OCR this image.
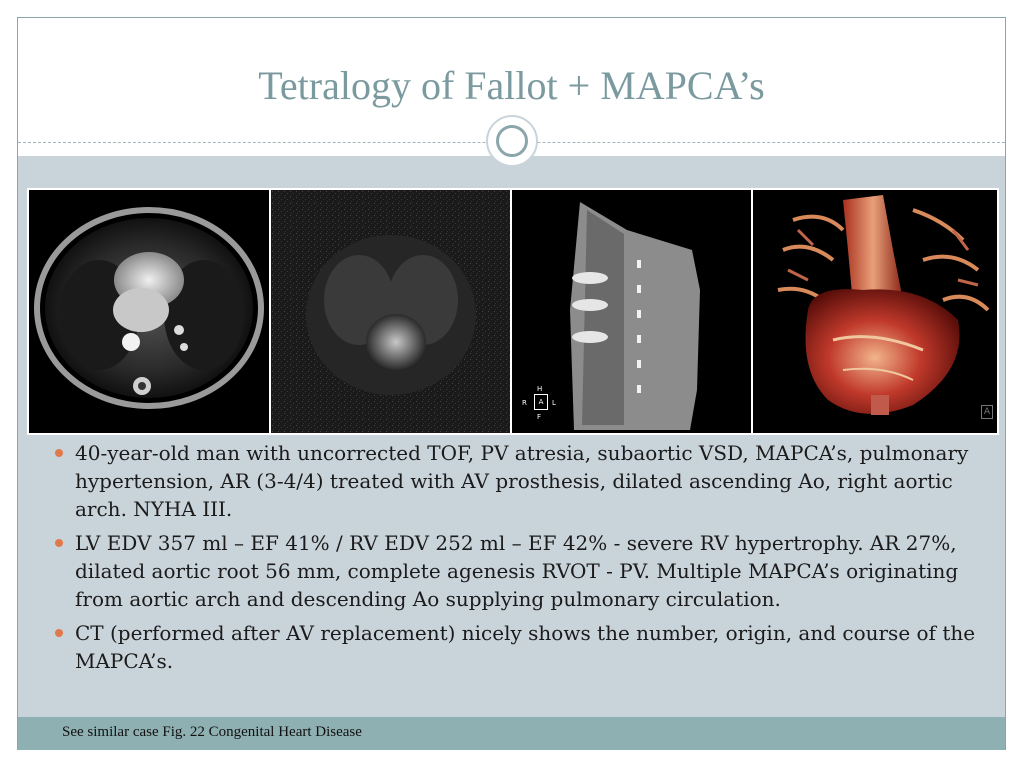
Tetralogy of Fallot + MAPCA’s
H
R	A	L
F	A
40-year-old man with uncorrected TOF, PV atresia, subaortic VSD, MAPCA’s, pulmonary hypertension, AR (3-4/4) treated with AV prosthesis, dilated ascending Ao, right aortic arch. NYHA III.
LV EDV 357 ml – EF 41% / RV EDV 252 ml – EF 42% - severe RV hypertrophy. AR 27%, dilated aortic root 56 mm, complete agenesis RVOT - PV. Multiple MAPCA’s originating from aortic arch and descending Ao supplying pulmonary circulation.
CT (performed after AV replacement) nicely shows the number, origin, and course of the MAPCA’s.
See similar case Fig. 22 Congenital Heart Disease
